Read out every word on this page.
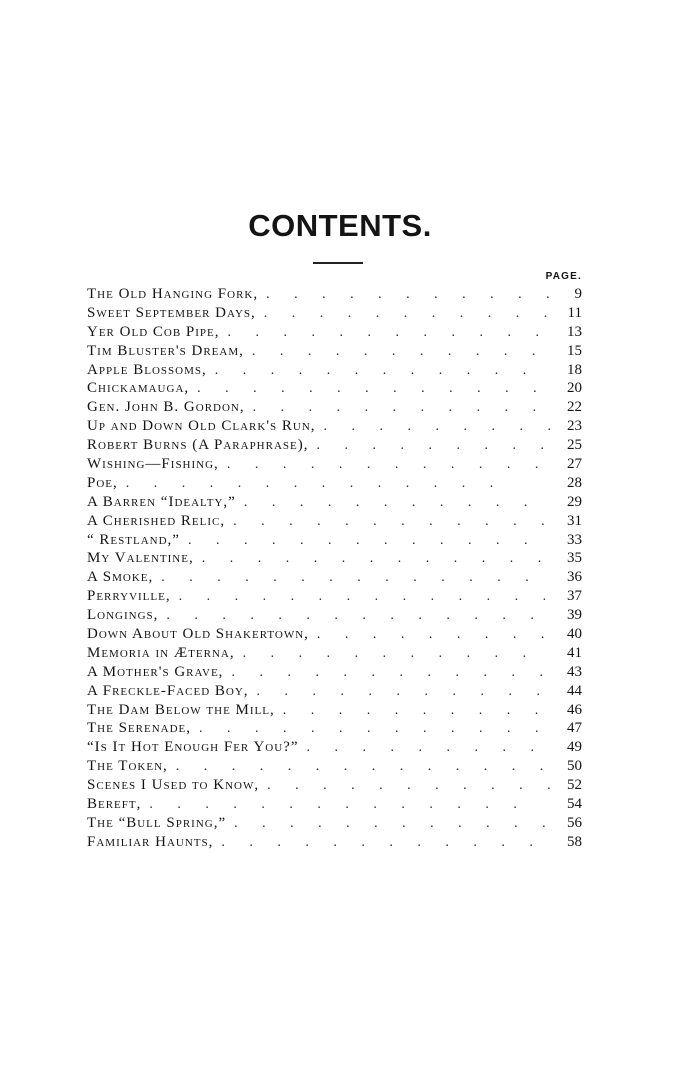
CONTENTS.
PAGE.
The Old Hanging Fork, .	9
Sweet September Days, .	11
Yer Old Cob Pipe, .	13
Tim Bluster's Dream, .	15
Apple Blossoms, .	18
Chickamauga, .	20
Gen. John B. Gordon, .	22
Up and Down Old Clark's Run, .	23
Robert Burns (A Paraphrase), .	25
Wishing—Fishing, .	27
Poe, .	28
A Barren “Idealty,” .	29
A Cherished Relic, .	31
“ Restland,” .	33
My Valentine, .	35
A Smoke, .	36
Perryville, .	37
Longings, .	39
Down About Old Shakertown, .	40
Memoria in Æterna, .	41
A Mother's Grave, .	43
A Freckle-Faced Boy, .	44
The Dam Below the Mill, .	46
The Serenade, .	47
“Is It Hot Enough Fer You?” .	49
The Token, .	50
Scenes I Used to Know, .	52
Bereft, .	54
The “Bull Spring,” .	56
Familiar Haunts, .	58
